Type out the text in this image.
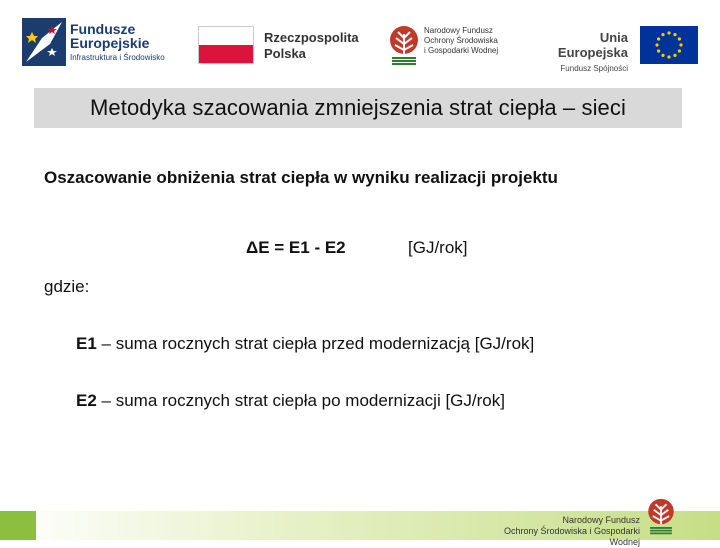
Fundusze
Europejskie
Infrastruktura i Środowisko
Rzeczpospolita
Polska
Narodowy Fundusz
Ochrony Środowiska
i Gospodarki Wodnej
Unia Europejska
Fundusz Spójności
Metodyka szacowania zmniejszenia strat ciepła – sieci
Oszacowanie obniżenia strat ciepła w wyniku realizacji projektu
ΔE = E1 - E2	[GJ/rok]
gdzie:
E1 – suma rocznych strat ciepła przed modernizacją [GJ/rok]
E2 – suma rocznych strat ciepła po modernizacji [GJ/rok]
Narodowy Fundusz
Ochrony Środowiska i Gospodarki Wodnej
